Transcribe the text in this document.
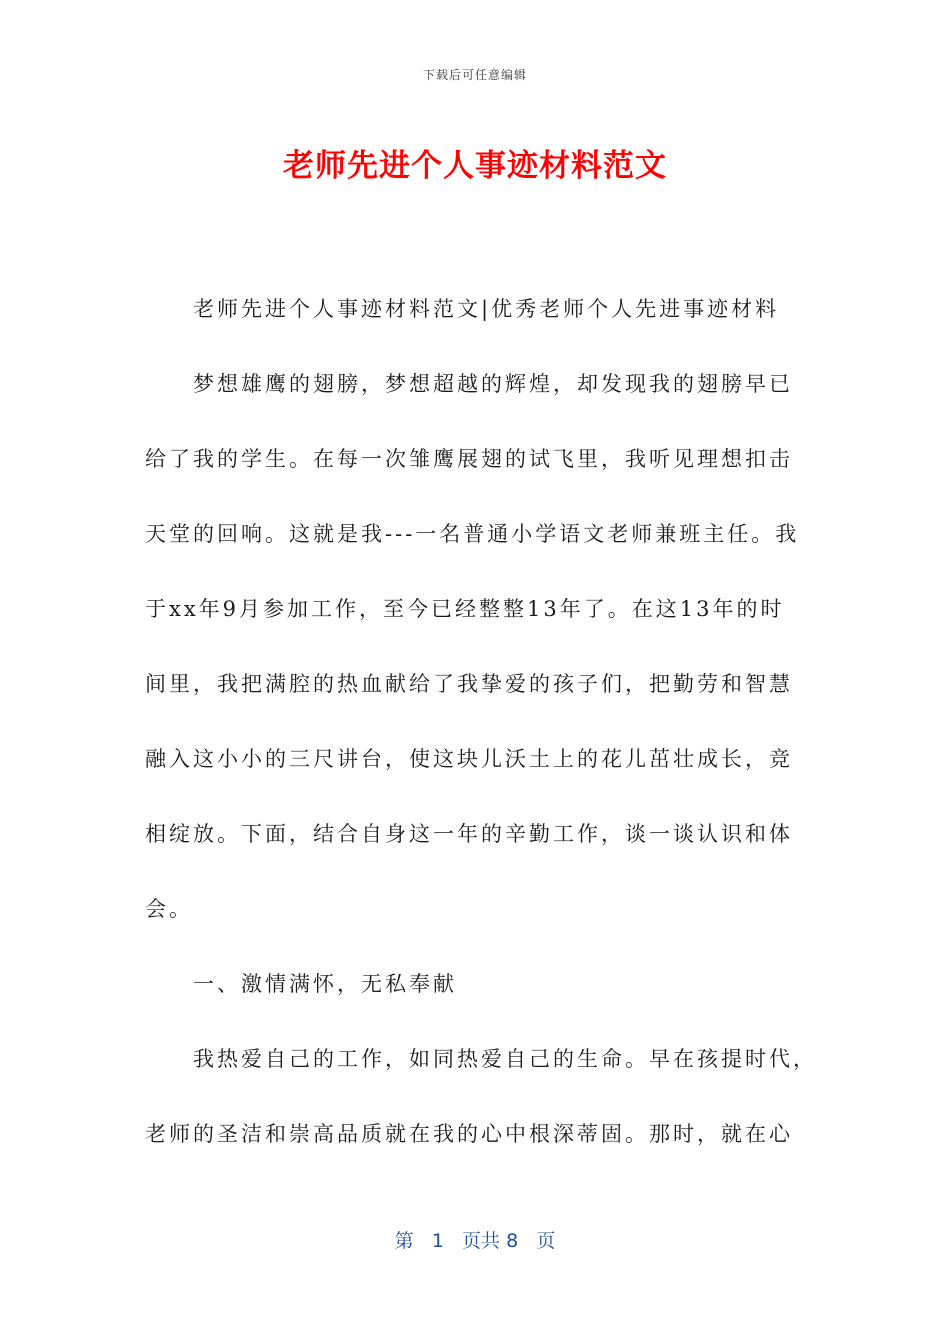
下载后可任意编辑
老师先进个人事迹材料范文
老师先进个人事迹材料范文|优秀老师个人先进事迹材料
梦想雄鹰的翅膀，梦想超越的辉煌，却发现我的翅膀早已
给了我的学生。在每一次雏鹰展翅的试飞里，我听见理想扣击
天堂的回响。这就是我---一名普通小学语文老师兼班主任。我
于xx年9月参加工作，至今已经整整13年了。在这13年的时
间里，我把满腔的热血献给了我挚爱的孩子们，把勤劳和智慧
融入这小小的三尺讲台，使这块儿沃土上的花儿茁壮成长，竞
相绽放。下面，结合自身这一年的辛勤工作，谈一谈认识和体
会。
一、激情满怀，无私奉献
我热爱自己的工作，如同热爱自己的生命。早在孩提时代，
老师的圣洁和崇高品质就在我的心中根深蒂固。那时，就在心
第 1 页共 8 页
